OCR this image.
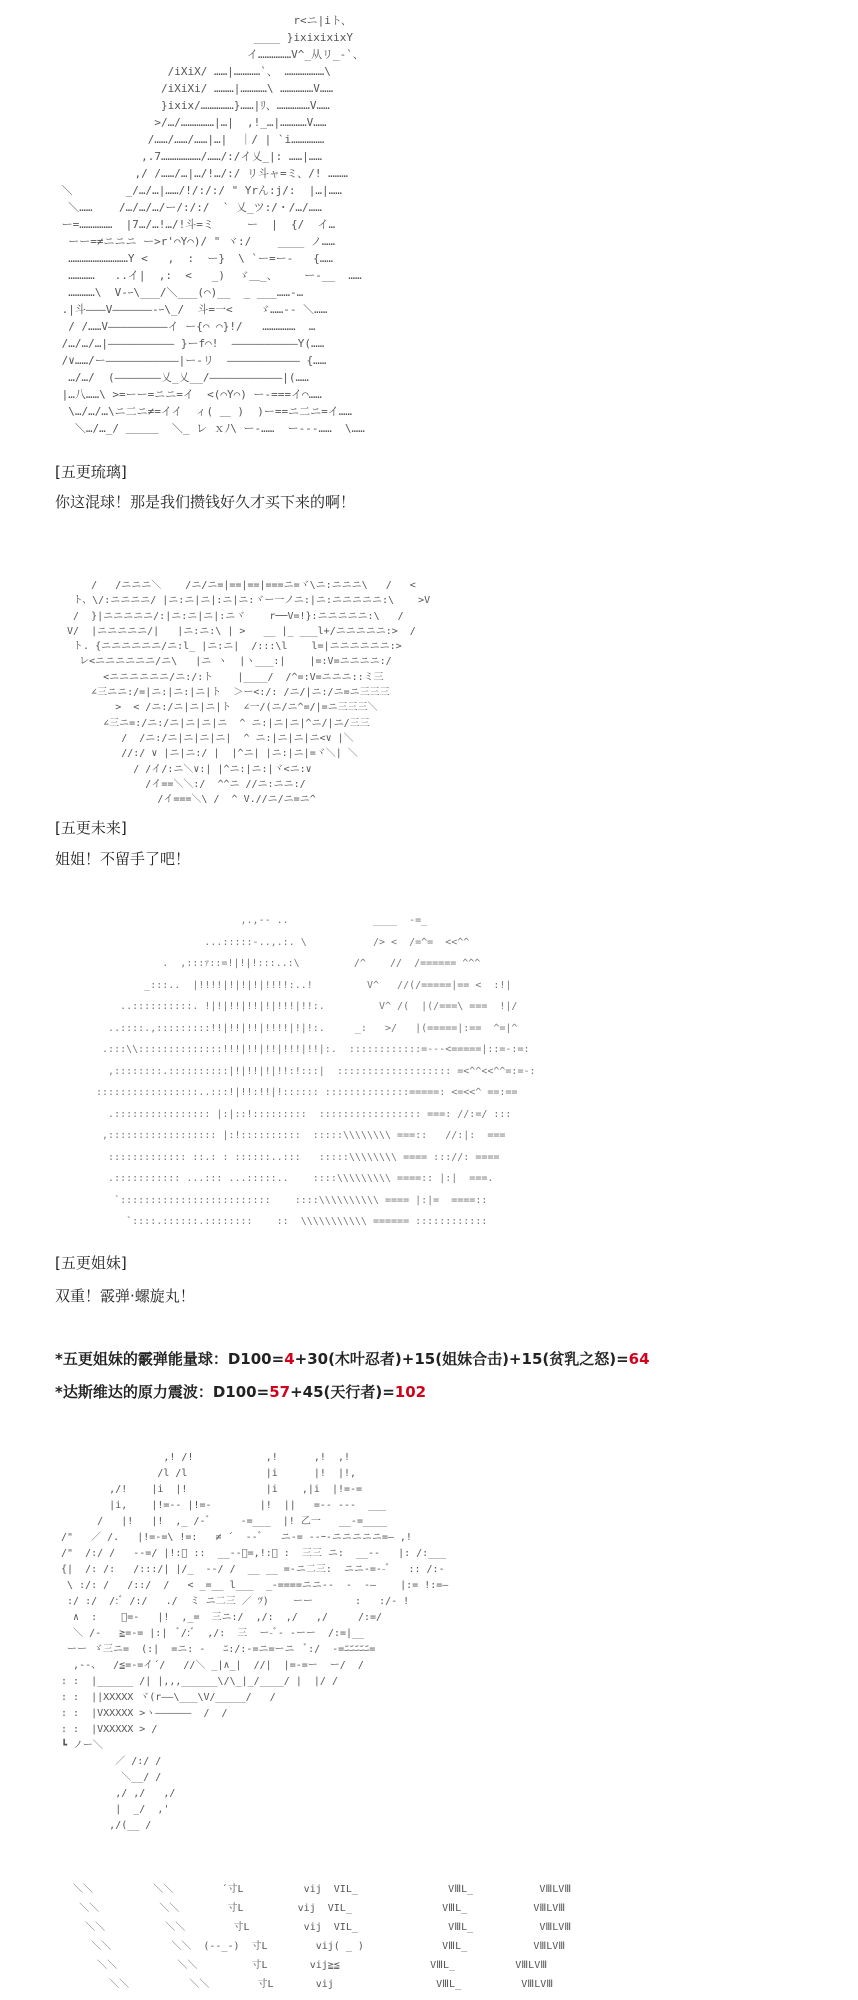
r<ニ|iト、
____ }ixixixixY
イ……………V^_从リ_-`、
/iXiX/ ……|…………`、 ………………\
/iXiXi/ ………|…………\ ……………V……
}ixix/……………}……|ﾘ、……………V……
>/…/……………|…|  ,!_…|…………V……
/……/……/……|…|  ｜/ | `i……………
,.7………………/……/:/イ乂_|: ……|……
,/ /……/…|…/!…/:/ リ斗ャ=ミ、/! ………
＼        _/…/…|……/!/:/:/ " Yrん:j/:  |…|……
＼……    /…/…/…/ー/:/:/  ` 乂_ツ:/・/…/……
ー=……………  |7…/…!…/!斗=ミ     ー  |  {/  イ…
ーー=≠ニニニ ー>r'⌒Y⌒)/ " ヾ:/    ____ ノ……
………………………Y <   ,  :  ー}  \ `ー=ー‐   {……
…………   ..イ|  ,:  <   _)  ゞ＿_、    ー-__  ……
…………\  V-ｰ\___/＼___(⌒)__  _ ___……‐…
.|斗———V——————-ｰ\_/  斗=一<    ゞ……-- ＼……
/ /……V—————————イ ー{⌒ ⌒}!/   ……………  …
/…/…/…|—————————— }ーf⌒!  ——————————Y(……
/∨……/ー———————————|ー‐リ  ——————————— {……
…/…/  (———————乂_乂__/———————————|(……
|…八……\ >=ーー=ニニ=イ  <(⌒Y⌒) ー‐===イ⌒……
\…/…/…\ニ二ニ≠=イイ  ィ( ＿ )  )ー==ニ二ニ=イ……
＼…/…_/ ＿＿＿  ＼_ レ ｘﾉ\ ー-……  ー‐‐-……  \……

[五更琉璃]

你这混球！那是我们攒钱好久才买下来的啊！

/   /ニニニ＼    /ニ/ニ=|==|==|===ニ=ヾ\ニ:ニニニ\   /   <
ト、\/:ニニニニ/ |ニ:ニ|ニ|:ニ|ニ:ヾー一ノニ:|ニ:ニニニニニ:\    >V
/  }|ニニニニニ/:|ニ:ニ|ニ|:ニヾ    r──V=!}:ニニニニニ:\   /
V/  |ニニニニニ/|   |ニ:ニ:\ | >   __ |_ ___l+/ニニニニニ:>  /
ト. {ニニニニニニ/ニ:l_ |ニ:ニ|  /:::\l    l=|ニニニニニニ:>
レ<ニニニニニニ/ニ\   |ニ ヽ  |ヽ___:|    |=:V=ニニニニ:/
<ニニニニニニ/ニ:/:ト    |____/  /^=:V=ニニニ::ミ三
∠三ニニ:/=|ニ:|ニ:|ニ|ト  ＞ー<:/: /ニ/|ニ:/ニ=ニ三三三
>  < /ニ:/ニ|ニ|ニ|ト  ∠一/(ニ/ニ^=/|=ニ三三三＼
∠三ニ=:/ニ:/ニ|ニ|ニ|ニ  ^ ニ:|ニ|ニ|^ニ/|ニ/三三
/  /ニ:/ニ|ニ|ニ|ニ|  ^ ニ:|ニ|ニ|ニ<∨ |＼
//:/ ∨ |ニ|ニ:/ |  |^ニ| |ニ:|ニ|=ヾ＼| ＼
/ /イ/:ニ＼∨:| |^ニ:|ニ:|ヾ<ニ:∨
/イ==＼＼:/  ^^ニ //ニ:ニニ:/
/イ===＼\ /  ^ V.//ニ/ニ=ニ^

[五更未来]

姐姐！不留手了吧！

,.,-- ..              ____  -=_
...:::::-..,.:. \           /> <  /=^=  <<^^
.  ,:::ｧ::=!|!|!:::..:\         /^    //  /====== ^^^
_:::..  |!!!!|!|!|!|!!!!:..!         V^   //(/=====|== <  :!|
..::::::::::. !|!|!!|!!|!|!!!|!!:.         V^ /(  |(/===\ ===  !|/
..::::.,:::::::::!!|!!|!!|!!!!|!|!:.     _:   >/   |(=====|:==  ^=|^
.:::\\::::::::::::::!!!|!!|!!|!!!|!!|:.  ::::::::::::=---<=====|::=-:=:
,::::::::.::::::::::|!|!!|!|!!:!:::|  ::::::::::::::::::: =<^^<<^^=:=-:
:::::::::::::::::..:::!|!!:!!|!:::::: ::::::::::::::=====: <=<<^ ==:==
.:::::::::::::::: |:|::!:::::::::  ::::::::::::::::: ===: //:=/ :::
,:::::::::::::::::: |:!::::::::::  :::::\\\\\\\\ ===::   //:|:  ===
::::::::::::: ::.: : ::::::..:::   :::::\\\\\\\\ ==== ::://: ====
.::::::::::: ...::: ...:::::..    ::::\\\\\\\\\ ====:: |:|  ===.
`:::::::::::::::::::::::::    ::::\\\\\\\\\\ ==== |:|=  ====::
`::::.::::::.::::::::    ::  \\\\\\\\\\\ ====== ::::::::::::

[五更姐妹]

双重！霰弹·螺旋丸！

*五更姐妹的霰弹能量球：D100=4+30(木叶忍者)+15(姐妹合击)+15(贫乳之怒)=64

*达斯维达的原力震波：D100=57+45(天行者)=102

,! /!            ,!      ,!  ,!
/l /l             |i      |!  |!,
,/!    |i  |!             |i    ,|i  |!=-=
|i,    |!=-- |!=-        |!  ||   =-- ---  ___
/   |!   |!  ,_ /-ﾞ     -=___  |! 乙一   __-=____
/"   ／ /.   |!=-=\ !=:   ≠ ´  --ﾞ   ニ-= --ｰ-ニニニニニ=— ,!
/"  /:/ /   --=/ |!:ﾞ ::  __--ﾞ=,!:ﾞ :  三三 ニ:  __--   |: /:___
{|  /: /:   /:::/| |/_  --/ /  __ __ =-ニ二三:  ニニ-=--ﾞ   :: /:-
\ :/: /   /::/  /   < _=__ l___  _-====ニニ--  -  -—    |:= !:=—
:/ :/  /:ﾞ /:/   ./  ミ ニ二三 ／ ﾂ)    ーー       :   :/- !
∧  :    ﾞ=-   |!  ,_=  三ニ:/  ,/:  ,/   ,/     /:=/
＼ /-   ≧=-= |:|  ﾞ/:ﾞ  ,/:  三  ー-ﾞ- -ーー  /:=|__
ーー ゞ三ニ=  (:|  =ニ: -   ﾆ:/:-=ニ=ーニ  ﾞ:/  -=ﾆﾆﾆﾆﾆ=
,--、  /≦=-=イ´/   //＼ _|∧_|  //|  |=-=ー  ー/  /
: :  |______ /| |,,,______\/\_|_/____/ |  |/ /
: :  ||XXXXX ヾ(r——\___\V/_____/   /
: :  |VXXXXX >ヽ——————  /  /
: :  |VXXXXX > /
┗ ノー＼
／ /:/ /
＼__/ /
,/ ,/   ,/
|  _/  ,'
,/(__ /
＼＼          ＼＼        ´寸L          vij  VIL_               VⅢL_           VⅢLVⅢ
＼＼          ＼＼        寸L         vij  VIL_               VⅢL_           VⅢLVⅢ
＼＼          ＼＼        寸L         vij  VIL_               VⅢL_           VⅢLVⅢ
＼＼          ＼＼  (--_-)  寸L        vij( _ )             VⅢL_           VⅢLVⅢ
＼＼          ＼＼         寸L       vij≧≦               VⅢL_          VⅢLVⅢ
＼＼          ＼＼        寸L       vij                 VⅢL_          VⅢLVⅢ
